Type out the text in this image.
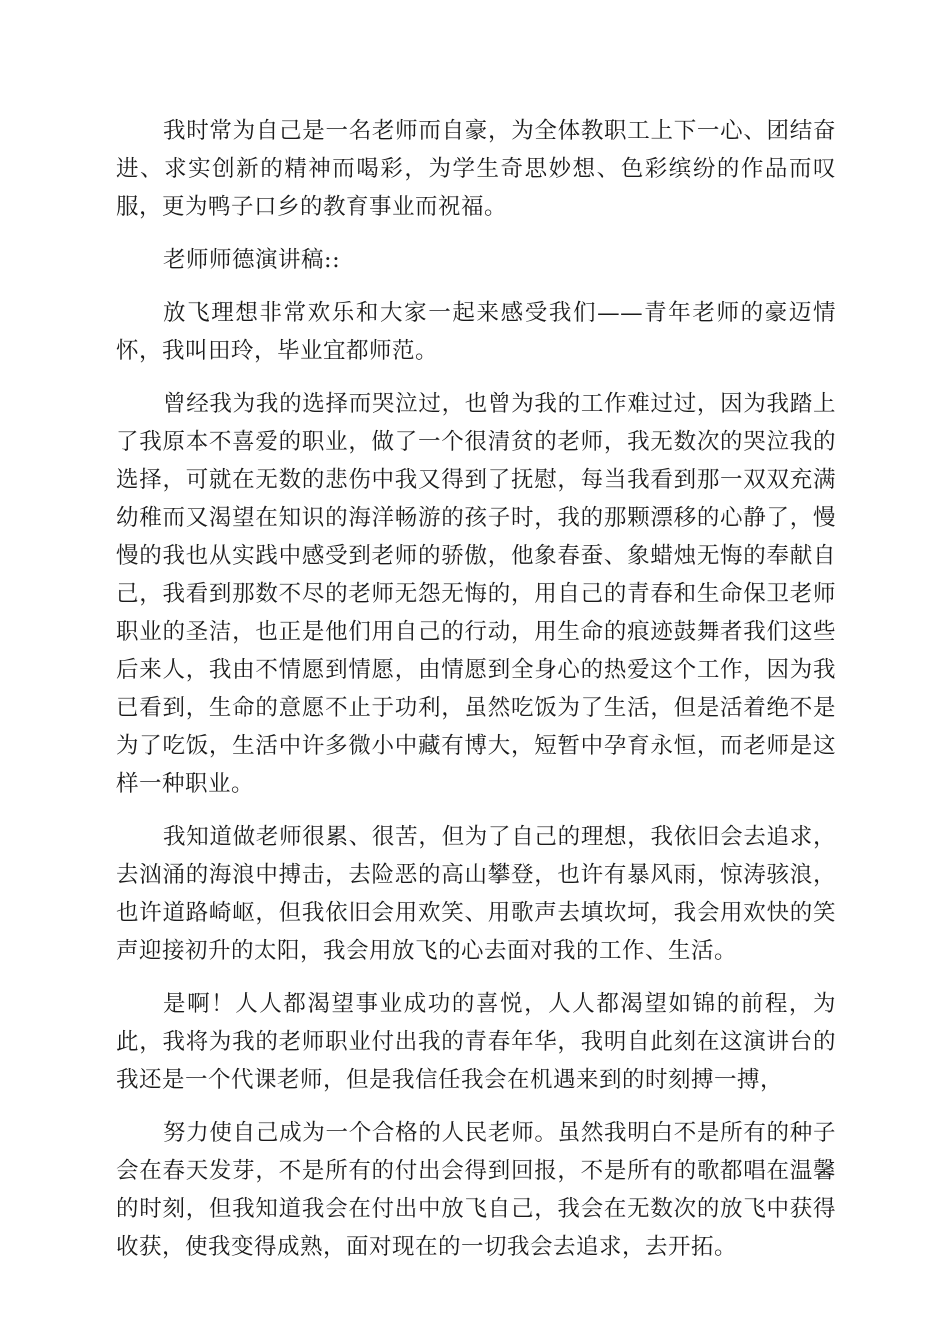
我时常为自己是一名老师而自豪，为全体教职工上下一心、团结奋进、求实创新的精神而喝彩，为学生奇思妙想、色彩缤纷的作品而叹服，更为鸭子口乡的教育事业而祝福。

老师师德演讲稿::

放飞理想非常欢乐和大家一起来感受我们——青年老师的豪迈情怀，我叫田玲，毕业宜都师范。

曾经我为我的选择而哭泣过，也曾为我的工作难过过，因为我踏上了我原本不喜爱的职业，做了一个很清贫的老师，我无数次的哭泣我的选择，可就在无数的悲伤中我又得到了抚慰，每当我看到那一双双充满幼稚而又渴望在知识的海洋畅游的孩子时，我的那颗漂移的心静了，慢慢的我也从实践中感受到老师的骄傲，他象春蚕、象蜡烛无悔的奉献自己，我看到那数不尽的老师无怨无悔的，用自己的青春和生命保卫老师职业的圣洁，也正是他们用自己的行动，用生命的痕迹鼓舞者我们这些后来人，我由不情愿到情愿，由情愿到全身心的热爱这个工作，因为我已看到，生命的意愿不止于功利，虽然吃饭为了生活，但是活着绝不是为了吃饭，生活中许多微小中藏有博大，短暂中孕育永恒，而老师是这样一种职业。

我知道做老师很累、很苦，但为了自己的理想，我依旧会去追求，去汹涌的海浪中搏击，去险恶的高山攀登，也许有暴风雨，惊涛骇浪，也许道路崎岖，但我依旧会用欢笑、用歌声去填坎坷，我会用欢快的笑声迎接初升的太阳，我会用放飞的心去面对我的工作、生活。

是啊！人人都渴望事业成功的喜悦，人人都渴望如锦的前程，为此，我将为我的老师职业付出我的青春年华，我明自此刻在这演讲台的我还是一个代课老师，但是我信任我会在机遇来到的时刻搏一搏，

努力使自己成为一个合格的人民老师。虽然我明白不是所有的种子会在春天发芽，不是所有的付出会得到回报，不是所有的歌都唱在温馨的时刻，但我知道我会在付出中放飞自己，我会在无数次的放飞中获得收获，使我变得成熟，面对现在的一切我会去追求，去开拓。
